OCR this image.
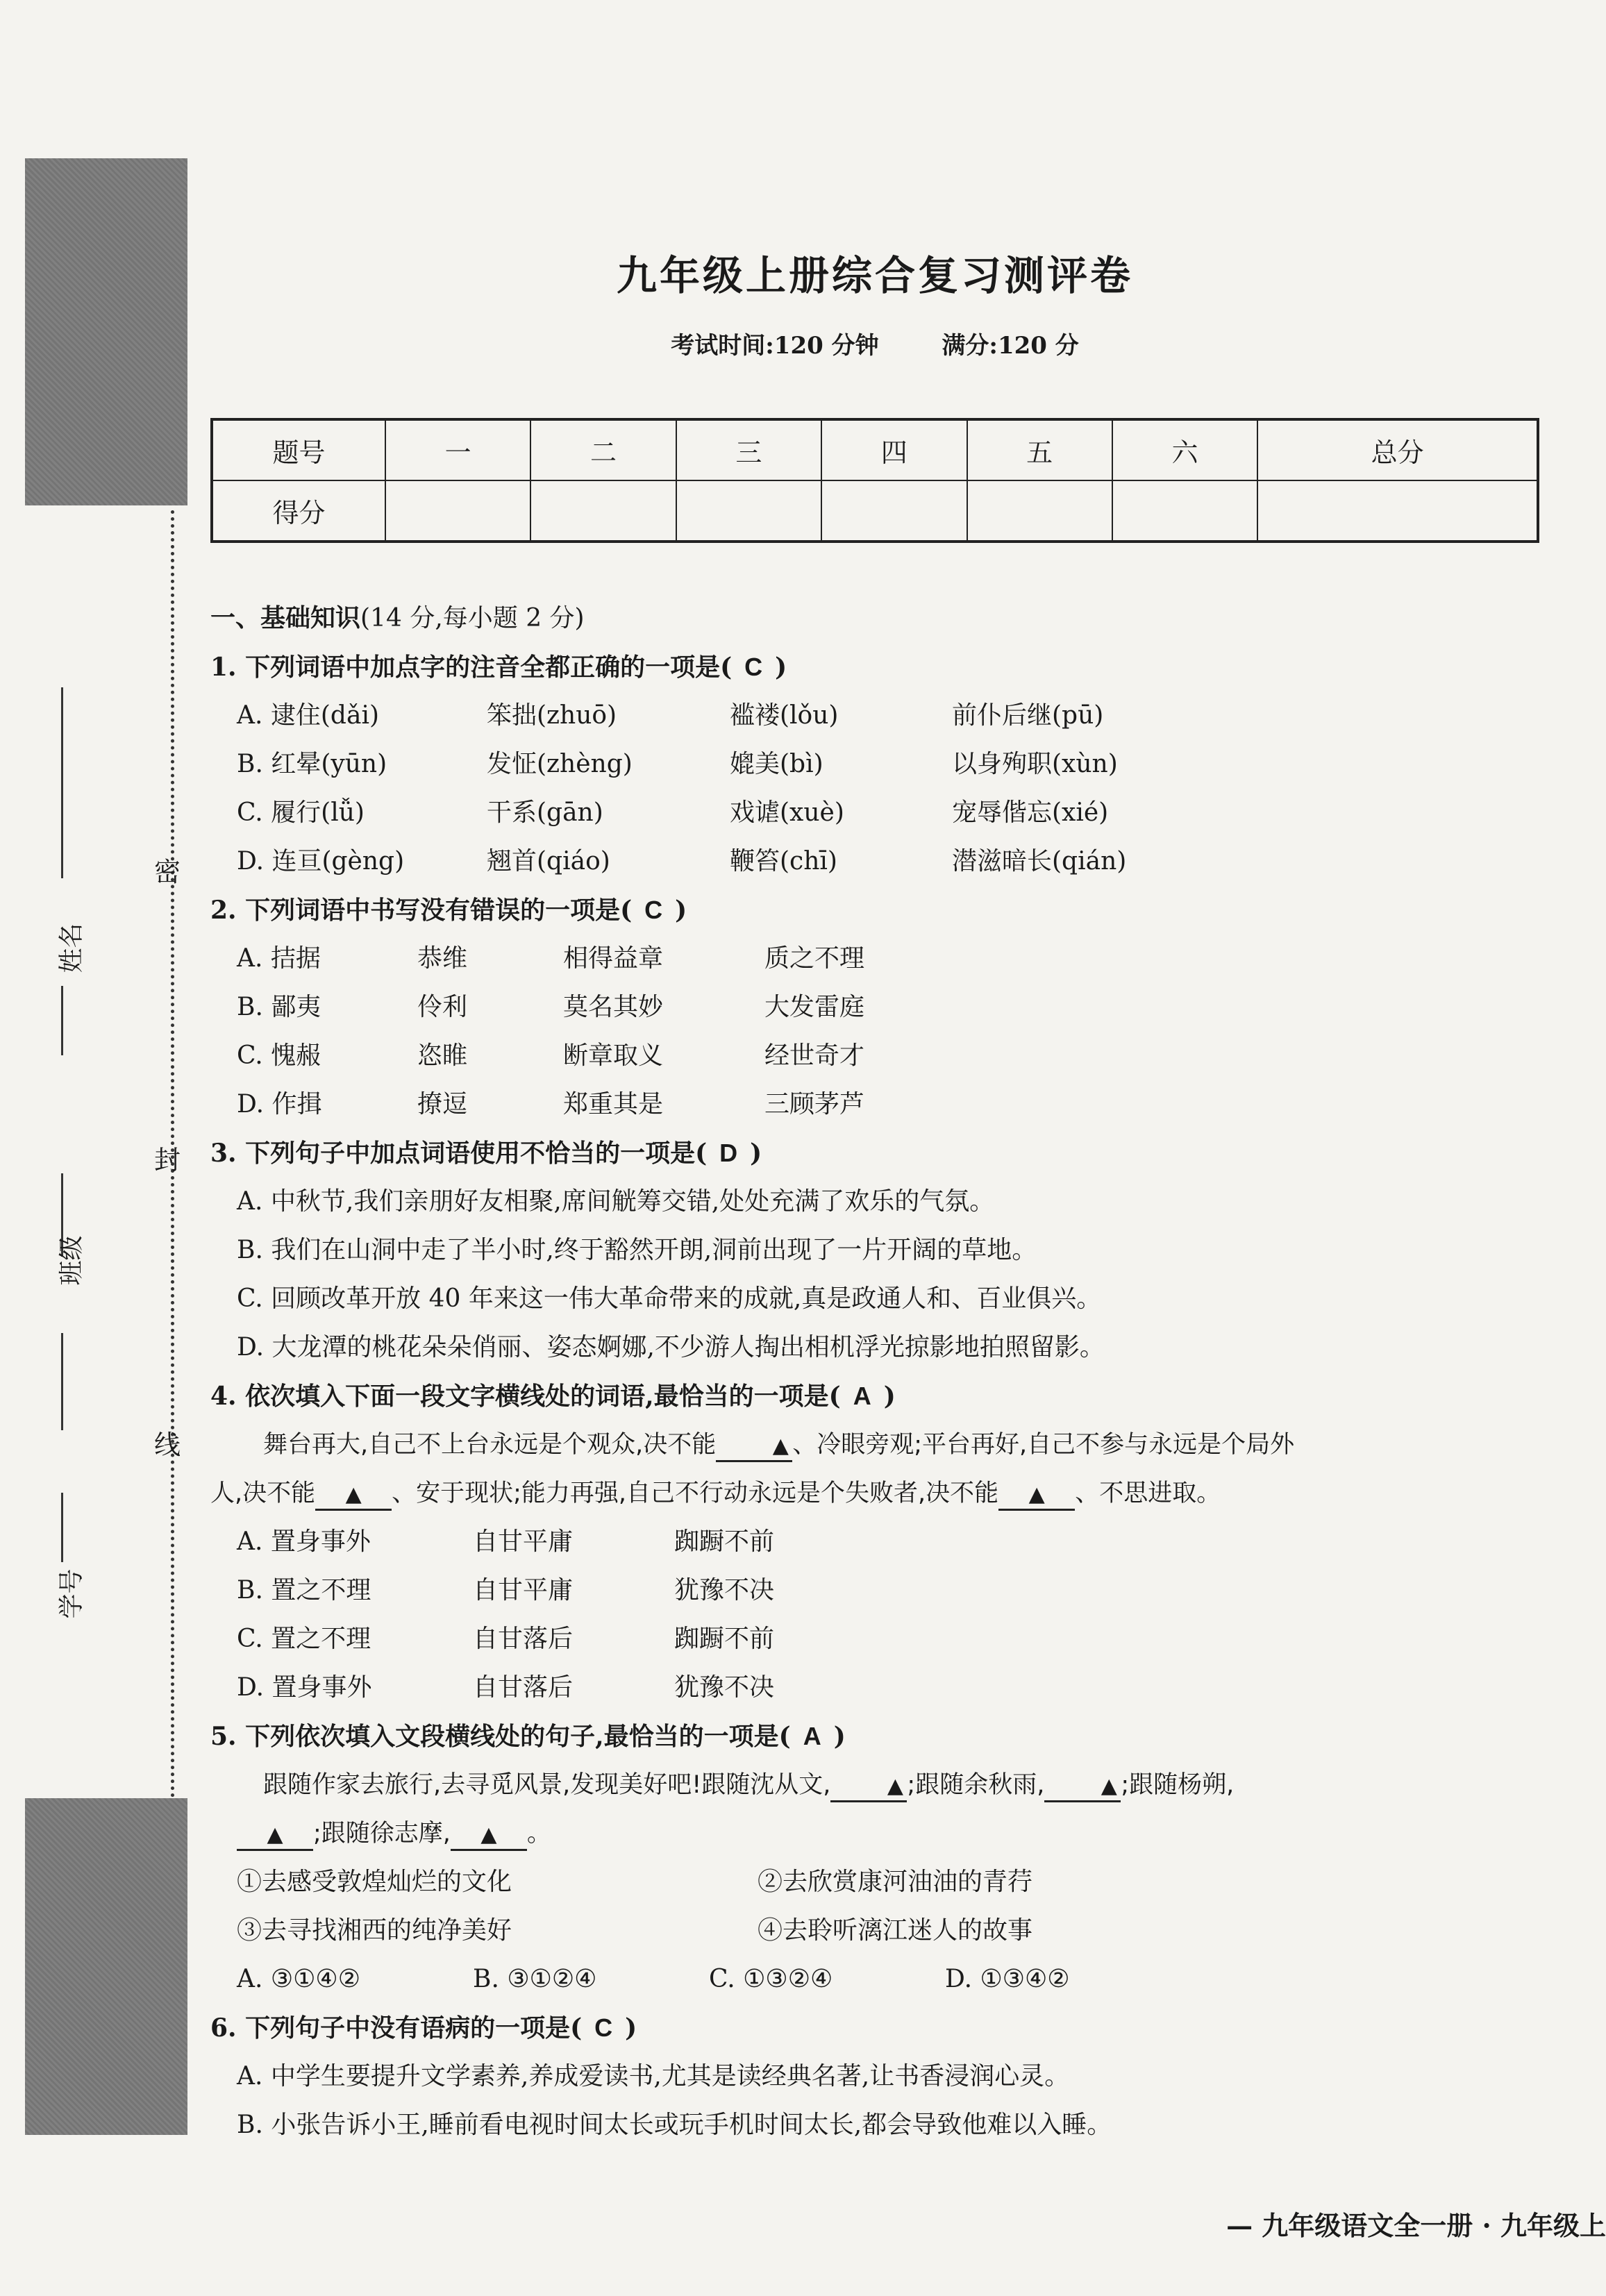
密
封
线
姓名
班级
学号
九年级上册综合复习测评卷
考试时间:120 分钟	满分:120 分
题号	一	二	三	四	五	六	总分
得分							
一、基础知识(14 分,每小题 2 分)
1. 下列词语中加点字的注音全都正确的一项是( C )
A. 逮住(dǎi)	笨拙(zhuō)	褴褛(lǒu)	前仆后继(pū)
B. 红晕(yūn)	发怔(zhèng)	媲美(bì)	以身殉职(xùn)
C. 履行(lǚ)	干系(gān)	戏谑(xuè)	宠辱偕忘(xié)
D. 连亘(gèng)	翘首(qiáo)	鞭笞(chī)	潜滋暗长(qián)
2. 下列词语中书写没有错误的一项是( C )
A. 拮据	恭维	相得益章	质之不理
B. 鄙夷	伶利	莫名其妙	大发雷庭
C. 愧赧	恣睢	断章取义	经世奇才
D. 作揖	撩逗	郑重其是	三顾茅芦
3. 下列句子中加点词语使用不恰当的一项是( D )
A. 中秋节,我们亲朋好友相聚,席间觥筹交错,处处充满了欢乐的气氛。
B. 我们在山洞中走了半小时,终于豁然开朗,洞前出现了一片开阔的草地。
C. 回顾改革开放 40 年来这一伟大革命带来的成就,真是政通人和、百业俱兴。
D. 大龙潭的桃花朵朵俏丽、姿态婀娜,不少游人掏出相机浮光掠影地拍照留影。
4. 依次填入下面一段文字横线处的词语,最恰当的一项是( A )
舞台再大,自己不上台永远是个观众,决不能	▲ 、冷眼旁观;平台再好,自己不参与永远是个局外
人,决不能 ▲ 、安于现状;能力再强,自己不行动永远是个失败者,决不能 ▲ 、不思进取。
A. 置身事外	自甘平庸	踟蹰不前
B. 置之不理	自甘平庸	犹豫不决
C. 置之不理	自甘落后	踟蹰不前
D. 置身事外	自甘落后	犹豫不决
5. 下列依次填入文段横线处的句子,最恰当的一项是( A )
跟随作家去旅行,去寻觅风景,发现美好吧!跟随沈从文,	▲ ;跟随余秋雨,	▲ ;跟随杨朔,
▲ ;跟随徐志摩, ▲ 。
①去感受敦煌灿烂的文化	②去欣赏康河油油的青荇
③去寻找湘西的纯净美好	④去聆听漓江迷人的故事
A. ③①④②	B. ③①②④	C. ①③②④	D. ①③④②
6. 下列句子中没有语病的一项是( C )
A. 中学生要提升文学素养,养成爱读书,尤其是读经典名著,让书香浸润心灵。
B. 小张告诉小王,睡前看电视时间太长或玩手机时间太长,都会导致他难以入睡。
— 九年级语文全一册 · 九年级上
